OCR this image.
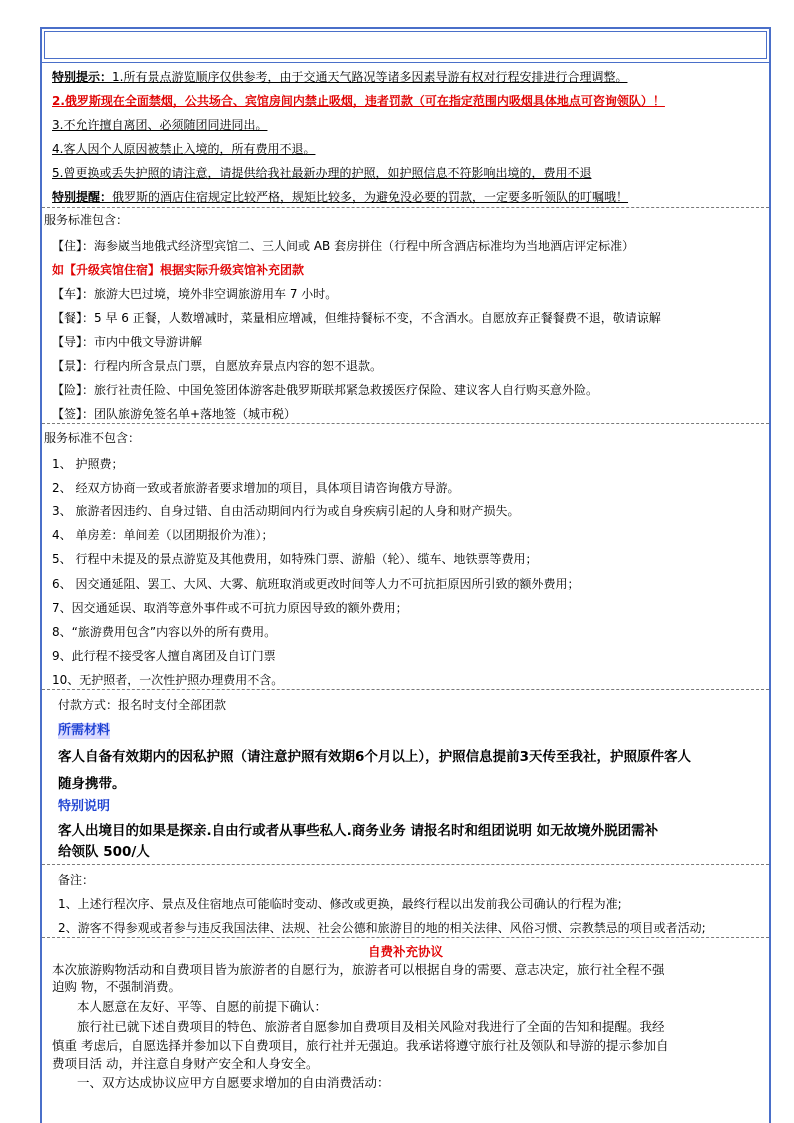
特别提示：1.所有景点游览顺序仅供参考，由于交通天气路况等诸多因素导游有权对行程安排进行合理调整。
2.俄罗斯现在全面禁烟，公共场合、宾馆房间内禁止吸烟，违者罚款（可在指定范围内吸烟具体地点可咨询领队）！
3.不允许擅自离团、必须随团同进同出。
4.客人因个人原因被禁止入境的，所有费用不退。
5.曾更换或丢失护照的请注意，请提供给我社最新办理的护照，如护照信息不符影响出境的，费用不退
特别提醒：俄罗斯的酒店住宿规定比较严格，规矩比较多，为避免没必要的罚款，一定要多听领队的叮嘱哦！
服务标准包含：
【住】：海参崴当地俄式经济型宾馆二、三人间或 AB 套房拼住（行程中所含酒店标准均为当地酒店评定标准）
如【升级宾馆住宿】根据实际升级宾馆补充团款
【车】：旅游大巴过境，境外非空调旅游用车 7 小时。
【餐】：5 早 6 正餐，人数增减时，菜量相应增减，但维持餐标不变，不含酒水。自愿放弃正餐餐费不退，敬请谅解
【导】：市内中俄文导游讲解
【景】：行程内所含景点门票，自愿放弃景点内容的恕不退款。
【险】：旅行社责任险、中国免签团体游客赴俄罗斯联邦紧急救援医疗保险、建议客人自行购买意外险。
【签】：团队旅游免签名单+落地签（城市税）
服务标准不包含：
1、 护照费；
2、 经双方协商一致或者旅游者要求增加的项目，具体项目请咨询俄方导游。
3、 旅游者因违约、自身过错、自由活动期间内行为或自身疾病引起的人身和财产损失。
4、 单房差：单间差（以团期报价为准）；
5、 行程中未提及的景点游览及其他费用，如特殊门票、游船（轮）、缆车、地铁票等费用；
6、 因交通延阻、罢工、大风、大雾、航班取消或更改时间等人力不可抗拒原因所引致的额外费用；
7、因交通延误、取消等意外事件或不可抗力原因导致的额外费用；
8、“旅游费用包含”内容以外的所有费用。
9、此行程不接受客人擅自离团及自订门票
10、无护照者，一次性护照办理费用不含。
付款方式：报名时支付全部团款
所需材料
客人自备有效期内的因私护照（请注意护照有效期6个月以上），护照信息提前3天传至我社，护照原件客人
随身携带。
特别说明
客人出境目的如果是探亲.自由行或者从事些私人.商务业务 请报名时和组团说明 如无故境外脱团需补
给领队 500/人
备注：
1、上述行程次序、景点及住宿地点可能临时变动、修改或更换，最终行程以出发前我公司确认的行程为准;
2、游客不得参观或者参与违反我国法律、法规、社会公德和旅游目的地的相关法律、风俗习惯、宗教禁忌的项目或者活动;
自费补充协议
本次旅游购物活动和自费项目皆为旅游者的自愿行为，旅游者可以根据自身的需要、意志决定，旅行社全程不强
迫购 物，不强制消费。
　　本人愿意在友好、平等、自愿的前提下确认：
　　旅行社已就下述自费项目的特色、旅游者自愿参加自费项目及相关风险对我进行了全面的告知和提醒。我经
慎重 考虑后，自愿选择并参加以下自费项目，旅行社并无强迫。我承诺将遵守旅行社及领队和导游的提示参加自
费项目活 动，并注意自身财产安全和人身安全。
　　一、双方达成协议应甲方自愿要求增加的自由消费活动：
